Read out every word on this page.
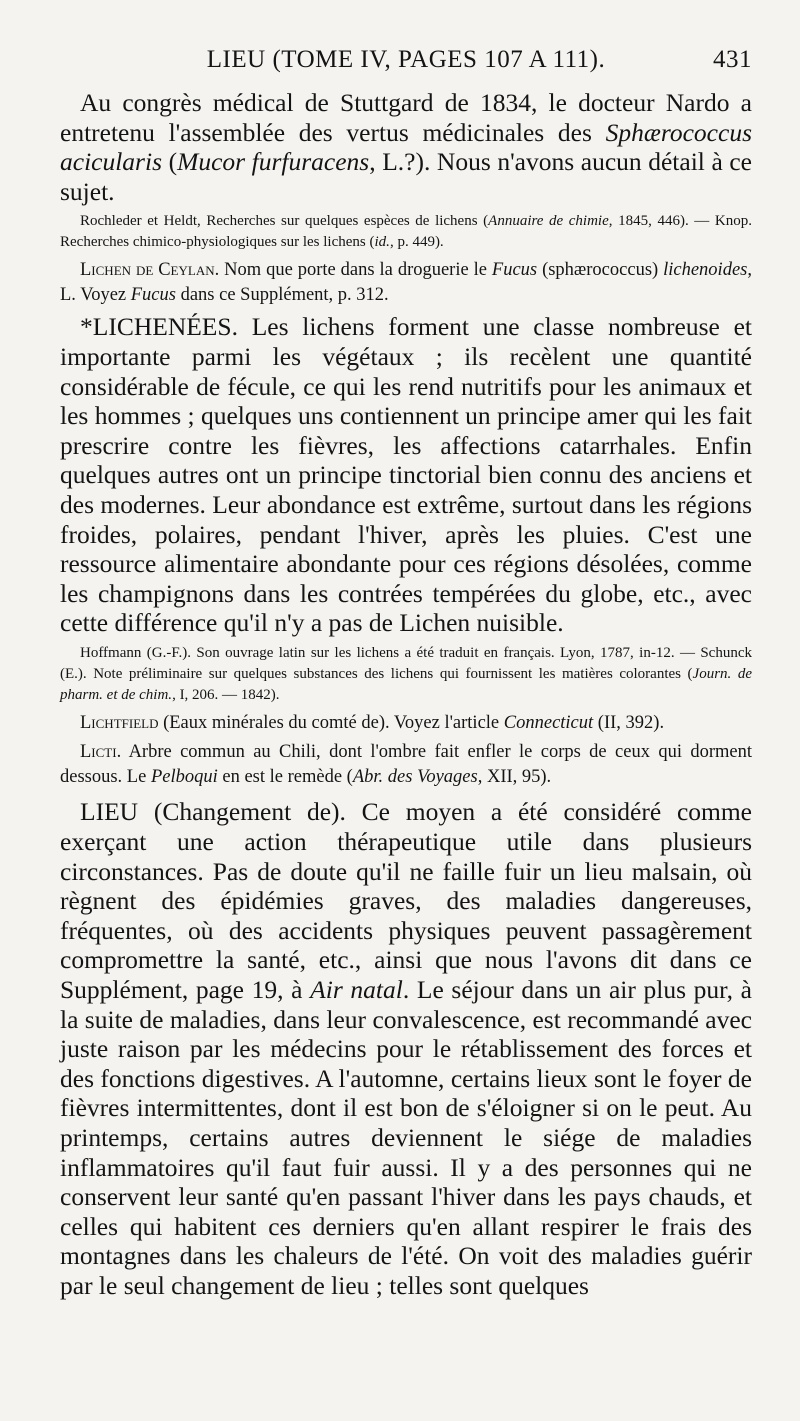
LIEU (TOME IV, PAGES 107 A 111).	431

Au congrès médical de Stuttgard de 1834, le docteur Nardo a entretenu l'assemblée des vertus médicinales des Sphærococcus acicularis (Mucor furfuracens, L.?). Nous n'avons aucun détail à ce sujet.

Rochleder et Heldt, Recherches sur quelques espèces de lichens (Annuaire de chimie, 1845, 446). — Knop. Recherches chimico-physiologiques sur les lichens (id., p. 449).

Lichen de Ceylan. Nom que porte dans la droguerie le Fucus (sphærococcus) lichenoides, L. Voyez Fucus dans ce Supplément, p. 312.

*LICHENÉES. Les lichens forment une classe nombreuse et importante parmi les végétaux ; ils recèlent une quantité considérable de fécule, ce qui les rend nutritifs pour les animaux et les hommes ; quelques uns contiennent un principe amer qui les fait prescrire contre les fièvres, les affections catarrhales. Enfin quelques autres ont un principe tinctorial bien connu des anciens et des modernes. Leur abondance est extrême, surtout dans les régions froides, polaires, pendant l'hiver, après les pluies. C'est une ressource alimentaire abondante pour ces régions désolées, comme les champignons dans les contrées tempérées du globe, etc., avec cette différence qu'il n'y a pas de Lichen nuisible.

Hoffmann (G.-F.). Son ouvrage latin sur les lichens a été traduit en français. Lyon, 1787, in-12. — Schunck (E.). Note préliminaire sur quelques substances des lichens qui fournissent les matières colorantes (Journ. de pharm. et de chim., I, 206. — 1842).

Lichtfield (Eaux minérales du comté de). Voyez l'article Connecticut (II, 392).

Licti. Arbre commun au Chili, dont l'ombre fait enfler le corps de ceux qui dorment dessous. Le Pelboqui en est le remède (Abr. des Voyages, XII, 95).

LIEU (Changement de). Ce moyen a été considéré comme exerçant une action thérapeutique utile dans plusieurs circonstances. Pas de doute qu'il ne faille fuir un lieu malsain, où règnent des épidémies graves, des maladies dangereuses, fréquentes, où des accidents physiques peuvent passagèrement compromettre la santé, etc., ainsi que nous l'avons dit dans ce Supplément, page 19, à Air natal. Le séjour dans un air plus pur, à la suite de maladies, dans leur convalescence, est recommandé avec juste raison par les médecins pour le rétablissement des forces et des fonctions digestives. A l'automne, certains lieux sont le foyer de fièvres intermittentes, dont il est bon de s'éloigner si on le peut. Au printemps, certains autres deviennent le siége de maladies inflammatoires qu'il faut fuir aussi. Il y a des personnes qui ne conservent leur santé qu'en passant l'hiver dans les pays chauds, et celles qui habitent ces derniers qu'en allant respirer le frais des montagnes dans les chaleurs de l'été. On voit des maladies guérir par le seul changement de lieu ; telles sont quelques
